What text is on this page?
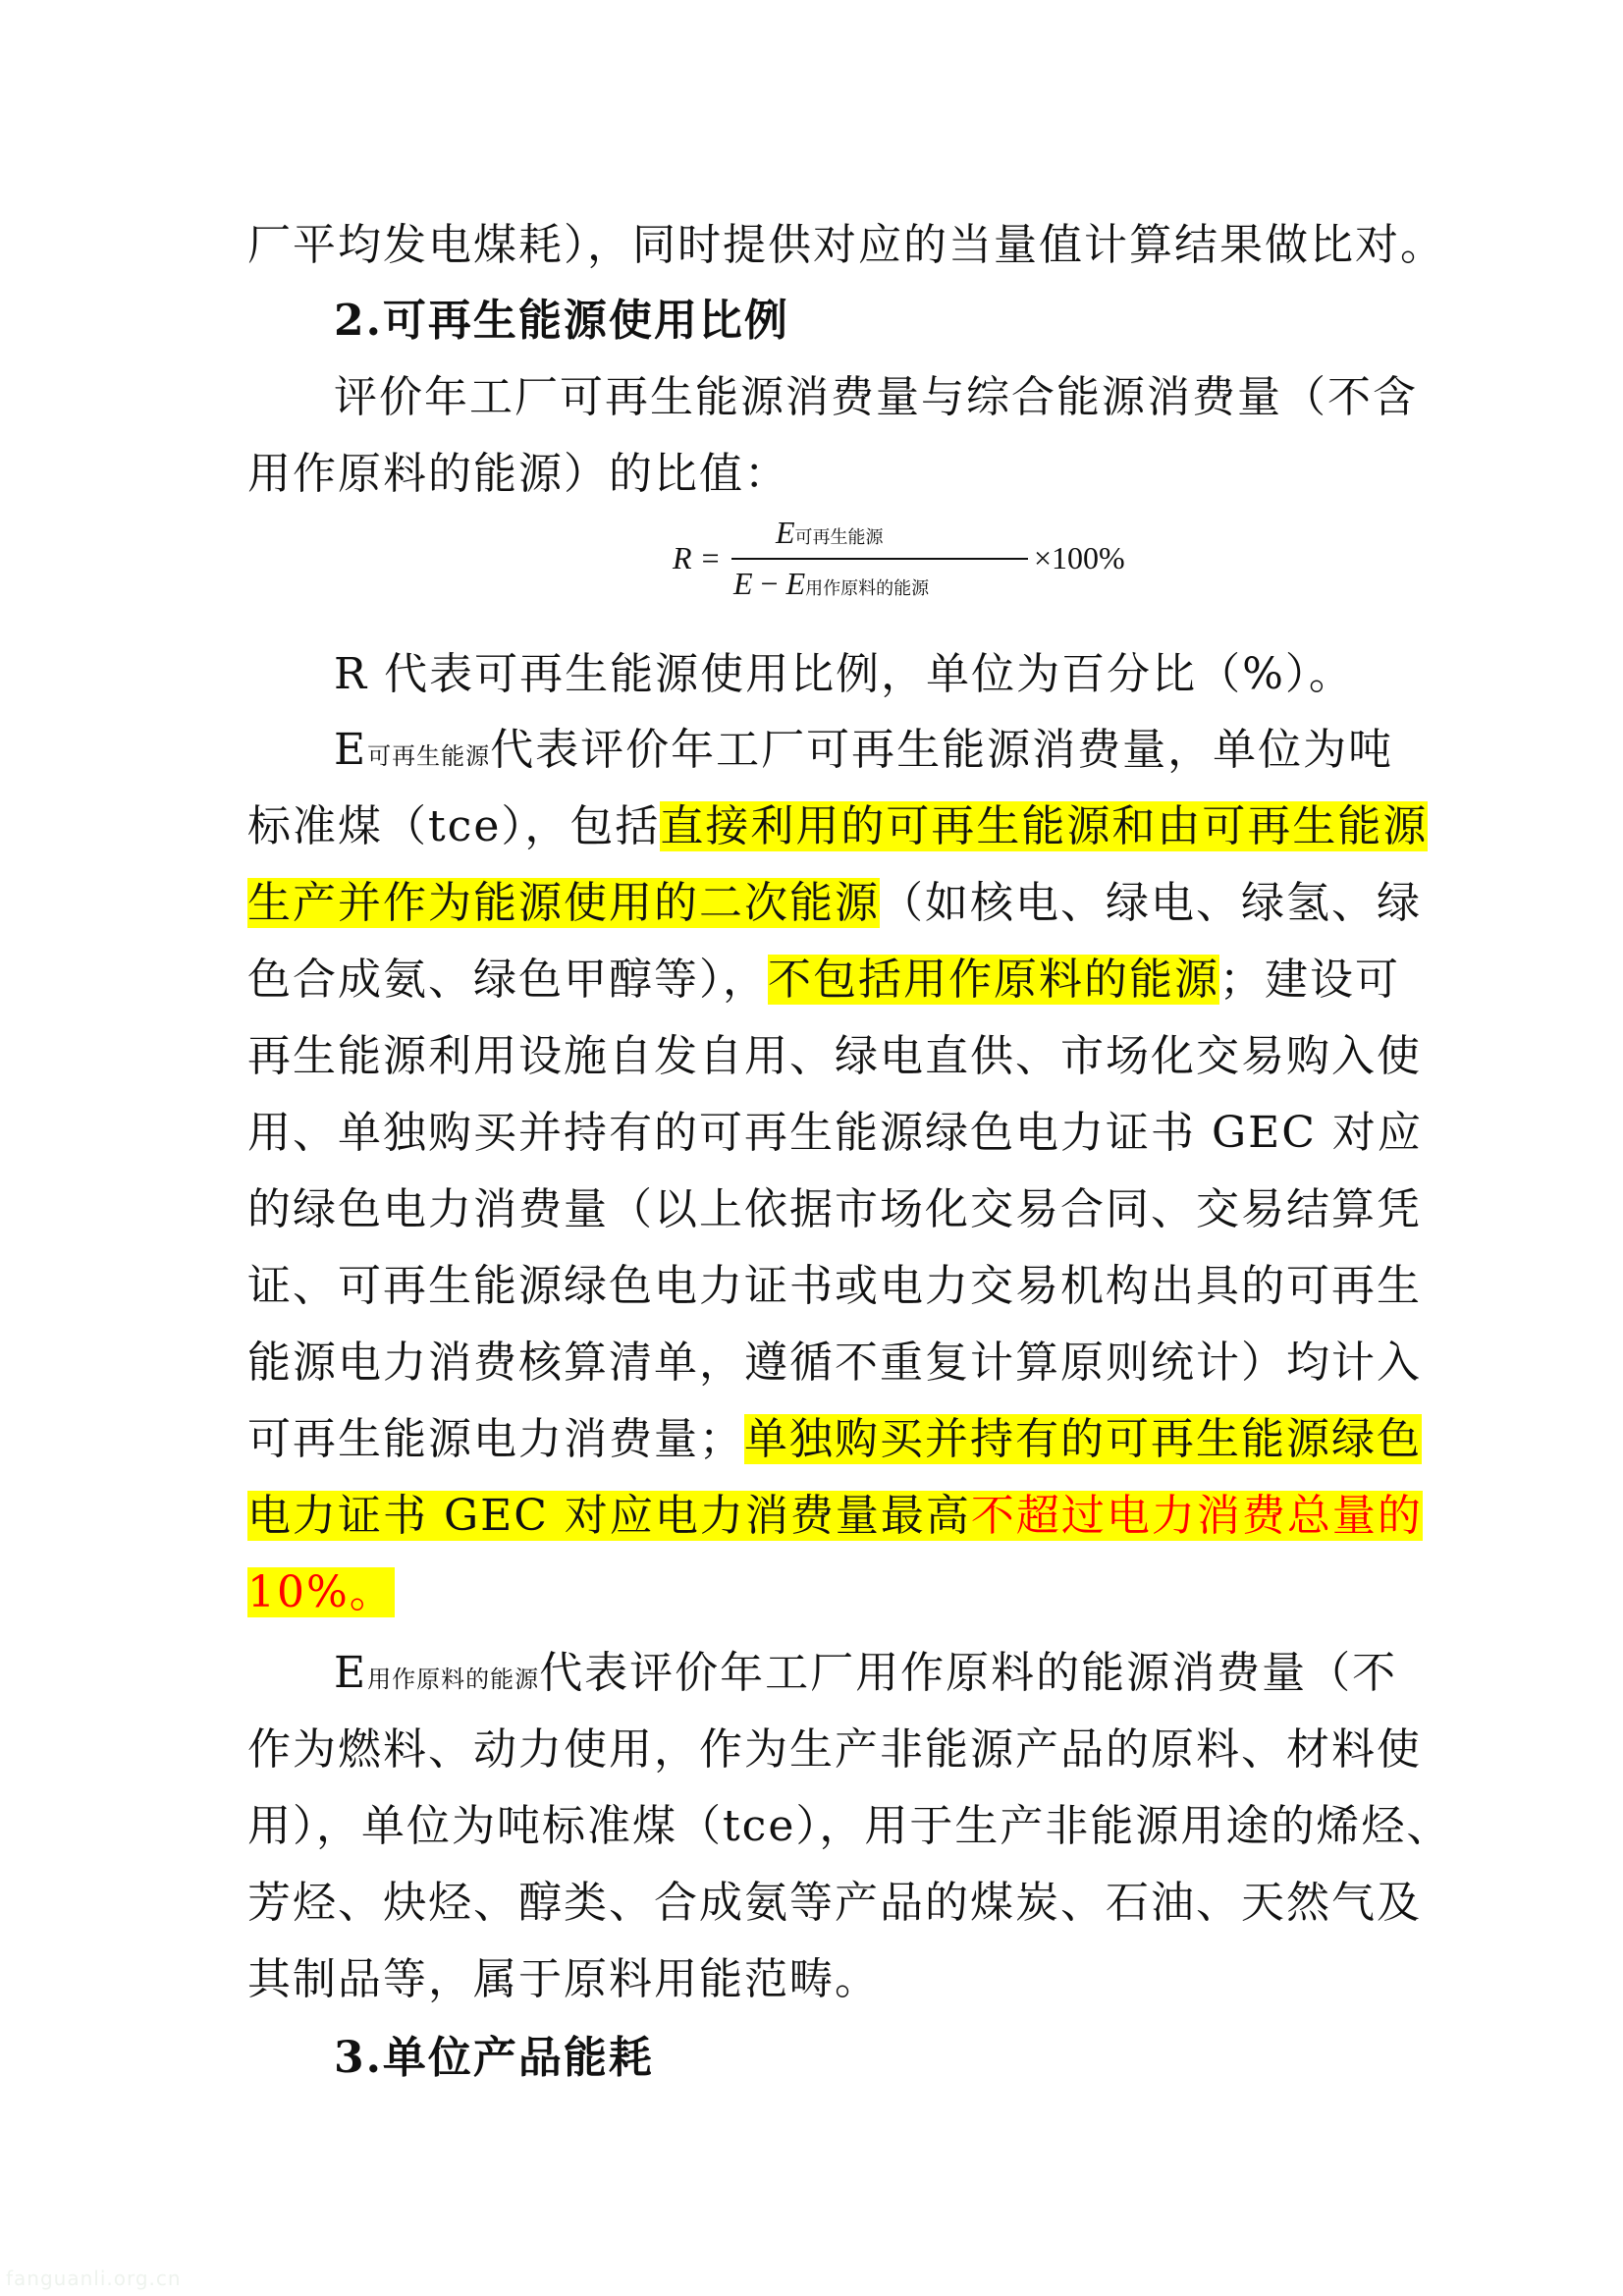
厂平均发电煤耗），同时提供对应的当量值计算结果做比对。
2.可再生能源使用比例
评价年工厂可再生能源消费量与综合能源消费量（不含
用作原料的能源）的比值：
R =
E可再生能源
E − E用作原料的能源
×100%
R 代表可再生能源使用比例，单位为百分比（%）。
E可再生能源代表评价年工厂可再生能源消费量，单位为吨
标准煤（tce），包括直接利用的可再生能源和由可再生能源
生产并作为能源使用的二次能源（如核电、绿电、绿氢、绿
色合成氨、绿色甲醇等），不包括用作原料的能源；建设可
再生能源利用设施自发自用、绿电直供、市场化交易购入使
用、单独购买并持有的可再生能源绿色电力证书 GEC 对应
的绿色电力消费量（以上依据市场化交易合同、交易结算凭
证、可再生能源绿色电力证书或电力交易机构出具的可再生
能源电力消费核算清单，遵循不重复计算原则统计）均计入
可再生能源电力消费量；单独购买并持有的可再生能源绿色
电力证书 GEC 对应电力消费量最高不超过电力消费总量的
10%。
E用作原料的能源代表评价年工厂用作原料的能源消费量（不
作为燃料、动力使用，作为生产非能源产品的原料、材料使
用），单位为吨标准煤（tce），用于生产非能源用途的烯烃、
芳烃、炔烃、醇类、合成氨等产品的煤炭、石油、天然气及
其制品等，属于原料用能范畴。
3.单位产品能耗
fanguanli.org.cn
